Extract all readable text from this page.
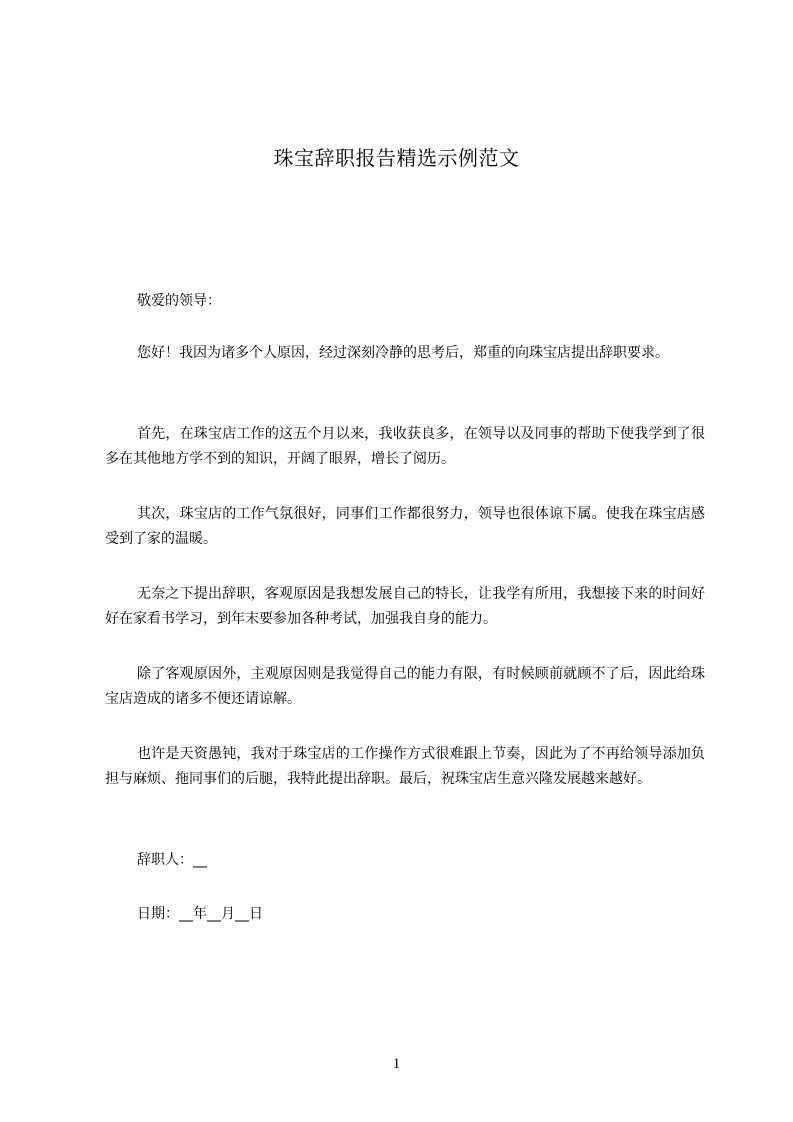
珠宝辞职报告精选示例范文

敬爱的领导：

您好！我因为诸多个人原因，经过深刻冷静的思考后，郑重的向珠宝店提出辞职要求。

首先，在珠宝店工作的这五个月以来，我收获良多，在领导以及同事的帮助下使我学到了很多在其他地方学不到的知识，开阔了眼界，增长了阅历。

其次，珠宝店的工作气氛很好，同事们工作都很努力，领导也很体谅下属。使我在珠宝店感受到了家的温暖。

无奈之下提出辞职，客观原因是我想发展自己的特长，让我学有所用，我想接下来的时间好好在家看书学习，到年末要参加各种考试，加强我自身的能力。

除了客观原因外，主观原因则是我觉得自己的能力有限，有时候顾前就顾不了后，因此给珠宝店造成的诸多不便还请谅解。

也许是天资愚钝，我对于珠宝店的工作操作方式很难跟上节奏，因此为了不再给领导添加负担与麻烦、拖同事们的后腿，我特此提出辞职。最后，祝珠宝店生意兴隆发展越来越好。

辞职人：__

日期：__年__月__日

1
